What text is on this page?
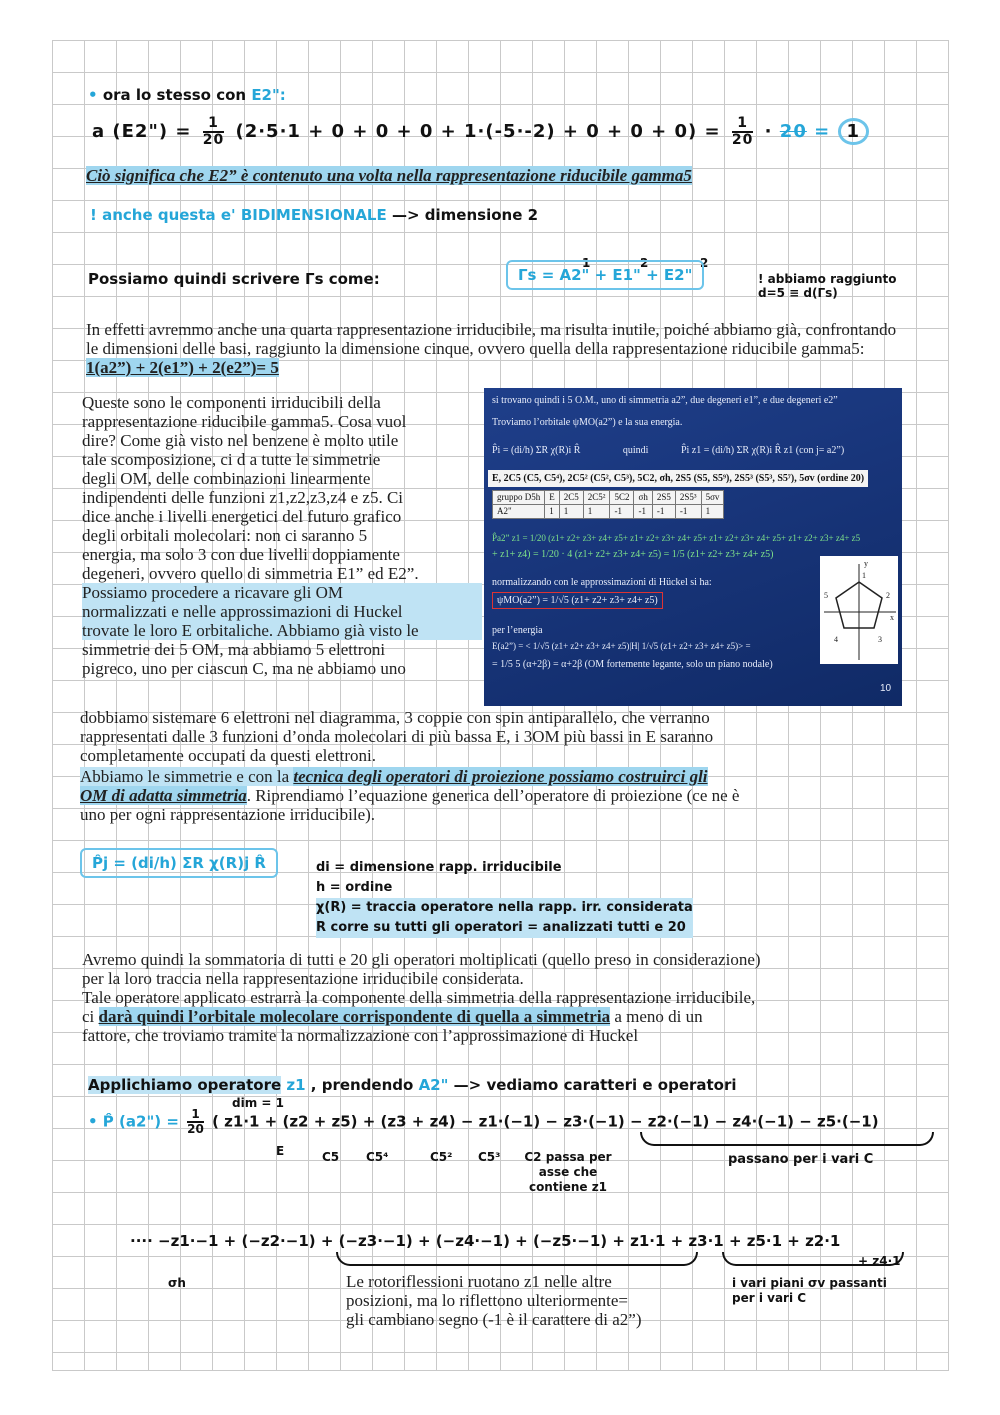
• ora lo stesso con E2":
a (E2") = $\frac{1}{20} (2\cdot 5\cdot 1 + 0 + 0 + 0 + 1\cdot(-5\cdot-2) + 0 + 0 + 0) = \frac{1}{20} \cdot 20 = 1$
Ciò significa che E2” è contenuto una volta nella rappresentazione riducibile gamma5
! anche questa e' BIDIMENSIONALE —> dimensione 2
Possiamo quindi scrivere Γs come:
1	2	2
Γs = A2" + E1" + E2"	! abbiamo raggiunto
d=5 ≡ d(Γs)
In effetti avremmo anche una quarta rappresentazione irriducibile, ma risulta inutile, poiché abbiamo già, confrontando le dimensioni delle basi, raggiunto la dimensione cinque, ovvero quella della rappresentazione riducibile gamma5: 1(a2”) + 2(e1”) + 2(e2”)= 5
Queste sono le componenti irriducibili della
rappresentazione riducibile gamma5. Cosa vuol
dire? Come già visto nel benzene è molto utile
tale scomposizione, ci d a tutte le simmetrie
degli OM, delle combinazioni linearmente
indipendenti delle funzioni z1,z2,z3,z4 e z5. Ci
dice anche i livelli energetici del futuro grafico
degli orbitali molecolari: non ci saranno 5
energia, ma solo 3 con due livelli doppiamente
degeneri, ovvero quello di simmetria E1” ed E2”.
Possiamo procedere a ricavare gli OM
normalizzati e nelle approssimazioni di Huckel
trovate le loro E orbitaliche. Abbiamo già visto le
simmetrie dei 5 OM, ma abbiamo 5 elettroni
pigreco, uno per ciascun C, ma ne abbiamo uno
si trovano quindi i 5 O.M., uno di simmetria a2”, due degeneri e1”, e due degeneri e2”
Troviamo l’orbitale ψMO(a2”) e la sua energia.
P̂i = (di/h) ΣR χ(R)i R̂	quindi	P̂i z1 = (di/h) ΣR χ(R)i R̂ z1 (con j= a2”)
E, 2C5 (C5, C5⁴), 2C5² (C5², C5³), 5C2, σh, 2S5 (S5, S5⁹), 2S5³ (S5³, S5⁷), 5σv (ordine 20)
gruppo D5h	E	2C5	2C5²	5C2	σh	2S5	2S5³	5σv
A2"	1	1	1	-1	-1	-1	-1	1
P̂a2” z1 = 1/20 (z1+ z2+ z3+ z4+ z5+ z1+ z2+ z3+ z4+ z5+ z1+ z2+ z3+ z4+ z5+ z1+ z2+ z3+ z4+ z5
+ z1+ z4) = 1/20 · 4 (z1+ z2+ z3+ z4+ z5) = 1/5 (z1+ z2+ z3+ z4+ z5)
normalizzando con le approssimazioni di Hückel si ha:
ψMO(a2”) = 1/√5 (z1+ z2+ z3+ z4+ z5)
per l’energia
E(a2”) = < 1/√5 (z1+ z2+ z3+ z4+ z5)|H| 1/√5 (z1+ z2+ z3+ z4+ z5)> =
= 1/5 5 (α+2β) = α+2β (OM fortemente legante, solo un piano nodale)
y
x
1
2
3
4
5
10
dobbiamo sistemare 6 elettroni nel diagramma, 3 coppie con spin antiparallelo, che verranno
rappresentati dalle 3 funzioni d’onda molecolari di più bassa E, i 3OM più bassi in E saranno
completamente occupati da questi elettroni.
Abbiamo le simmetrie e con la tecnica degli operatori di proiezione possiamo costruirci gli
OM di adatta simmetria. Riprendiamo l’equazione generica dell’operatore di proiezione (ce ne è
uno per ogni rappresentazione irriducibile).
P̂j = (di/h) ΣR χ(R)j R̂	di = dimensione rapp. irriducibile
h = ordine
χ(R) = traccia operatore nella rapp. irr. considerata
R corre su tutti gli operatori = analizzati tutti e 20
Avremo quindi la sommatoria di tutti e 20 gli operatori moltiplicati (quello preso in considerazione)
per la loro traccia nella rappresentazione irriducibile considerata.
Tale operatore applicato estrarrà la componente della simmetria della rappresentazione irriducibile,
ci darà quindi l’orbitale molecolare corrispondente di quella a simmetria a meno di un
fattore, che troviamo tramite la normalizzazione con l’approssimazione di Huckel
Applichiamo operatore z1 , prendendo A2" —> vediamo caratteri e operatori
dim = 1
• P̂ (a2") = $\frac{1}{20}$ ( z1·1 + (z2 + z5) + (z3 + z4) − z1·(−1) − z3·(−1) − z2·(−1) − z4·(−1) − z5·(−1)
E	C5 C5⁴	C5² C5³	C2 passa per asse che contiene z1
passano per i vari C
···· −z1·−1 + (−z2·−1) + (−z3·−1) + (−z4·−1) + (−z5·−1) + z1·1 + z3·1 + z5·1 + z2·1
+ z4·1
σh	Le rotoriflessioni ruotano z1 nelle altre
posizioni, ma lo riflettono ulteriormente=
gli cambiano segno (-1 è il carattere di a2”)
i vari piani σv passanti per i vari C
